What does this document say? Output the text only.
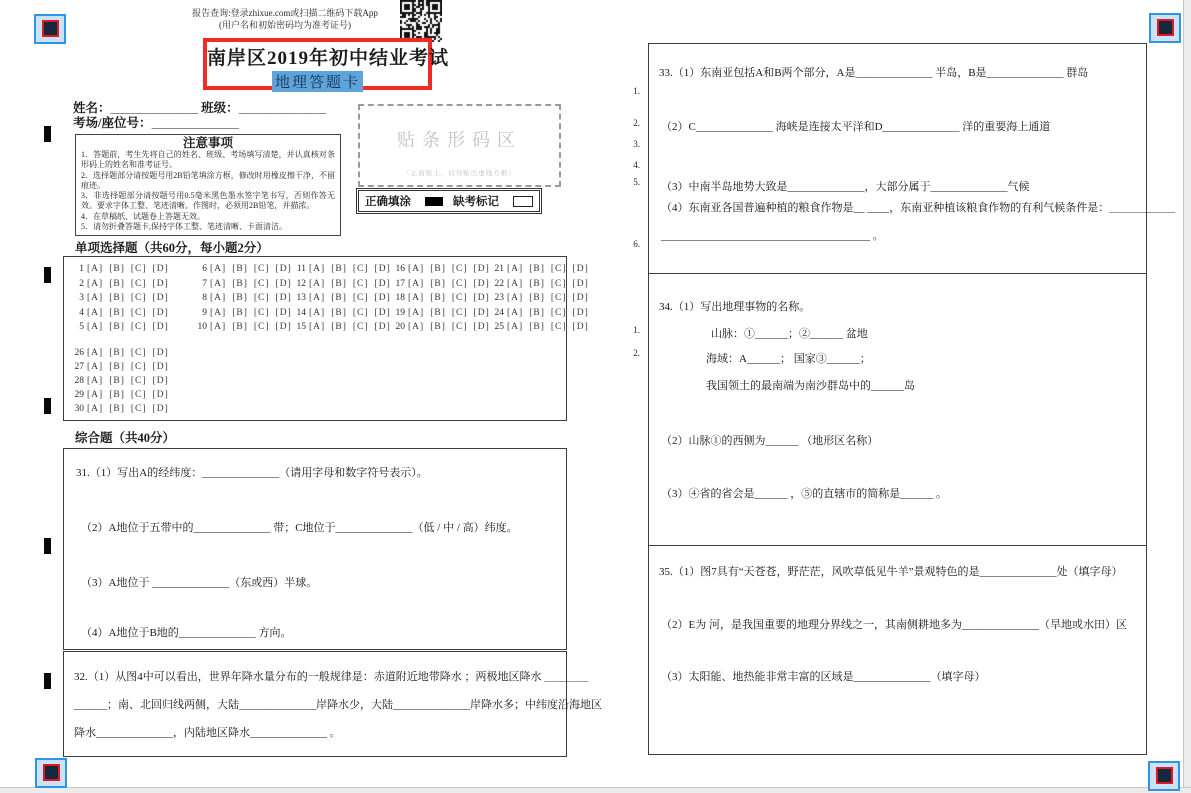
报告查询:登录zhixue.com或扫描二维码下载App
(用户名和初始密码均为准考证号)
南岸区2019年初中结业考试
地理答题卡
姓名：＿＿＿＿＿＿＿ 班级：＿＿＿＿＿＿＿
考场/座位号：＿＿＿＿＿＿＿
注意事项

1．答题前，考生先将自己的姓名、班级、考场填写清楚，并认真核对条形码上的姓名和准考证号。

2．选择题部分请按题号用2B铅笔填涂方框，修改时用橡皮擦干净，不留痕迹。

3．非选择题部分请按题号用0.5毫米黑色墨水签字笔书写，否则作答无效。要求字体工整、笔迹清晰。作图时，必须用2B铅笔，并描浓。

4．在草稿纸、试题卷上答题无效。

5．请勿折叠答题卡,保持字体工整、笔迹清晰、卡面清洁。

贴条形码区
（正面贴上，切勿贴出虚线方框）
正确填涂	缺考标记
单项选择题（共60分，每小题2分）
1 [A] [B] [C] [D]
2 [A] [B] [C] [D]
3 [A] [B] [C] [D]
4 [A] [B] [C] [D]
5 [A] [B] [C] [D]
6 [A] [B] [C] [D]
7 [A] [B] [C] [D]
8 [A] [B] [C] [D]
9 [A] [B] [C] [D]
10 [A] [B] [C] [D]
11 [A] [B] [C] [D]
12 [A] [B] [C] [D]
13 [A] [B] [C] [D]
14 [A] [B] [C] [D]
15 [A] [B] [C] [D]
16 [A] [B] [C] [D]
17 [A] [B] [C] [D]
18 [A] [B] [C] [D]
19 [A] [B] [C] [D]
20 [A] [B] [C] [D]
21 [A] [B] [C] [D]
22 [A] [B] [C] [D]
23 [A] [B] [C] [D]
24 [A] [B] [C] [D]
25 [A] [B] [C] [D]
26 [A] [B] [C] [D]
27 [A] [B] [C] [D]
28 [A] [B] [C] [D]
29 [A] [B] [C] [D]
30 [A] [B] [C] [D]
综合题（共40分）
31.（1）写出A的经纬度：______________（请用字母和数字符号表示）。
（2）A地位于五带中的______________ 带；C地位于______________（低 / 中 / 高）纬度。
（3）A地位于 ______________（东或西）半球。
（4）A地位于B地的______________ 方向。
32.（1）从图4中可以看出，世界年降水量分布的一般规律是：赤道附近地带降水 ；两极地区降水 ＿＿＿＿
______；南、北回归线两侧，大陆______________岸降水少，大陆______________岸降水多；中纬度沿海地区
降水______________，内陆地区降水______________ 。
1.
2.
3.
4.
5.
6.
1.
2.
33.（1）东南亚包括A和B两个部分，A是______________ 半岛，B是______________ 群岛
（2）C______________ 海峡是连接太平洋和D______________ 洋的重要海上通道
（3）中南半岛地势大致是______________，大部分属于______________气候
（4）东南亚各国普遍种植的粮食作物是__ ____，东南亚种植该粮食作物的有利气候条件是：＿＿＿＿＿＿
______________________________________ 。
34.（1）写出地理事物的名称。
山脉：①______；②______ 盆地
海域：A______； 国家③______；
我国领土的最南端为南沙群岛中的______岛
（2）山脉①的西侧为______ （地形区名称）
（3）④省的省会是______ ，⑤的直辖市的简称是______ 。
35.（1）图7具有“天苍苍，野茫茫，风吹草低见牛羊”景观特色的是______________处（填字母）
（2）E为 河，是我国重要的地理分界线之一，其南侧耕地多为______________（旱地或水田）区
（3）太阳能、地热能非常丰富的区域是______________（填字母）
